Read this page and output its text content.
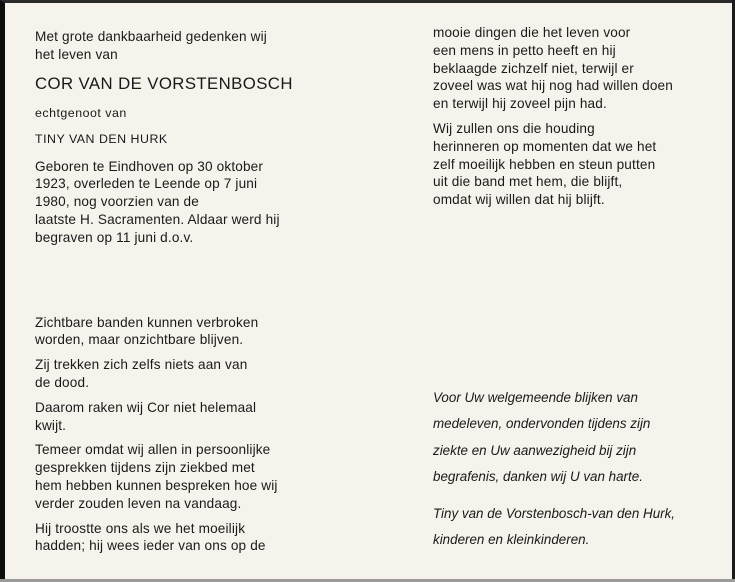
Met grote dankbaarheid gedenken wij
het leven van

COR VAN DE VORSTENBOSCH

echtgenoot van

TINY VAN DEN HURK

Geboren te Eindhoven op 30 oktober
1923, overleden te Leende op 7 juni
1980, nog voorzien van de
laatste H. Sacramenten. Aldaar werd hij
begraven op 11 juni d.o.v.

Zichtbare banden kunnen verbroken
worden, maar onzichtbare blijven.

Zij trekken zich zelfs niets aan van
de dood.

Daarom raken wij Cor niet helemaal
kwijt.

Temeer omdat wij allen in persoonlijke
gesprekken tijdens zijn ziekbed met
hem hebben kunnen bespreken hoe wij
verder zouden leven na vandaag.

Hij troostte ons als we het moeilijk
hadden; hij wees ieder van ons op de

mooie dingen die het leven voor
een mens in petto heeft en hij
beklaagde zichzelf niet, terwijl er
zoveel was wat hij nog had willen doen
en terwijl hij zoveel pijn had.

Wij zullen ons die houding
herinneren op momenten dat we het
zelf moeilijk hebben en steun putten
uit die band met hem, die blijft,
omdat wij willen dat hij blijft.

Voor Uw welgemeende blijken van
medeleven, ondervonden tijdens zijn
ziekte en Uw aanwezigheid bij zijn
begrafenis, danken wij U van harte.

Tiny van de Vorstenbosch-van den Hurk,
kinderen en kleinkinderen.
